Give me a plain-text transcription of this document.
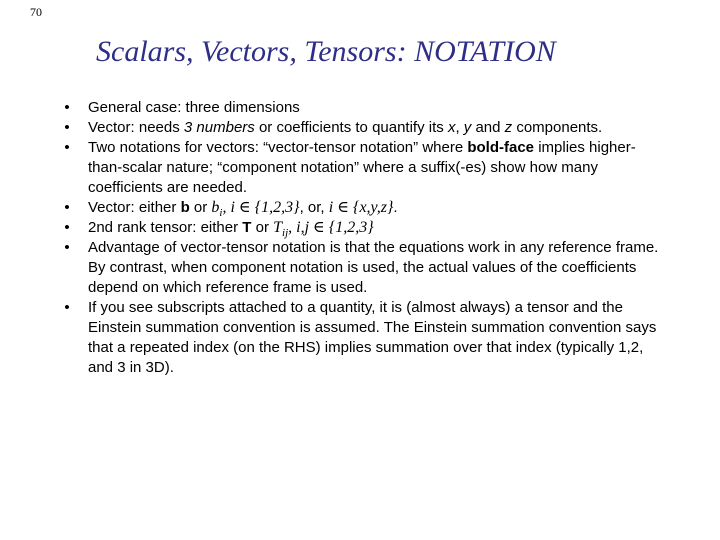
70
Scalars, Vectors, Tensors: NOTATION
• General case: three dimensions
• Vector: needs 3 numbers or coefficients to quantify its x, y and z components.
• Two notations for vectors: “vector-tensor notation” where bold-face implies higher-than-scalar nature; “component notation” where a suffix(-es) show how many coefficients are needed.
• Vector: either b or $b_i$, i ∈ {1,2,3}, or, i ∈ {x,y,z}.
• 2nd rank tensor: either T or $T_{ij}$, i,j ∈ {1,2,3}
• Advantage of vector-tensor notation is that the equations work in any reference frame. By contrast, when component notation is used, the actual values of the coefficients depend on which reference frame is used.
• If you see subscripts attached to a quantity, it is (almost always) a tensor and the Einstein summation convention is assumed. The Einstein summation convention says that a repeated index (on the RHS) implies summation over that index (typically 1,2, and 3 in 3D).
